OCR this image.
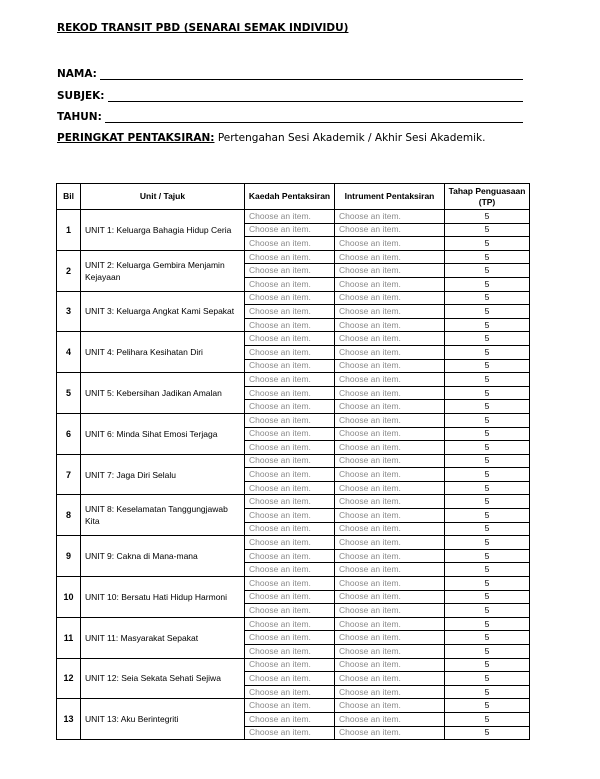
REKOD TRANSIT PBD (SENARAI SEMAK INDIVIDU)
NAMA:
SUBJEK:
TAHUN:
PERINGKAT PENTAKSIRAN: Pertengahan Sesi Akademik / Akhir Sesi Akademik.
Bil	Unit / Tajuk	Kaedah Pentaksiran	Intrument Pentaksiran	Tahap Penguasaan (TP)
1	UNIT 1: Keluarga Bahagia Hidup Ceria	Choose an item.	Choose an item.	5
		Choose an item.	Choose an item.	5
		Choose an item.	Choose an item.	5
2	UNIT 2: Keluarga Gembira Menjamin Kejayaan	Choose an item.	Choose an item.	5
		Choose an item.	Choose an item.	5
		Choose an item.	Choose an item.	5
3	UNIT 3: Keluarga Angkat Kami Sepakat	Choose an item.	Choose an item.	5
		Choose an item.	Choose an item.	5
		Choose an item.	Choose an item.	5
4	UNIT 4: Pelihara Kesihatan Diri	Choose an item.	Choose an item.	5
		Choose an item.	Choose an item.	5
		Choose an item.	Choose an item.	5
5	UNIT 5: Kebersihan Jadikan Amalan	Choose an item.	Choose an item.	5
		Choose an item.	Choose an item.	5
		Choose an item.	Choose an item.	5
6	UNIT 6: Minda Sihat Emosi Terjaga	Choose an item.	Choose an item.	5
		Choose an item.	Choose an item.	5
		Choose an item.	Choose an item.	5
7	UNIT 7: Jaga Diri Selalu	Choose an item.	Choose an item.	5
		Choose an item.	Choose an item.	5
		Choose an item.	Choose an item.	5
8	UNIT 8: Keselamatan Tanggungjawab Kita	Choose an item.	Choose an item.	5
		Choose an item.	Choose an item.	5
		Choose an item.	Choose an item.	5
9	UNIT 9: Cakna di Mana-mana	Choose an item.	Choose an item.	5
		Choose an item.	Choose an item.	5
		Choose an item.	Choose an item.	5
10	UNIT 10: Bersatu Hati Hidup Harmoni	Choose an item.	Choose an item.	5
		Choose an item.	Choose an item.	5
		Choose an item.	Choose an item.	5
11	UNIT 11: Masyarakat Sepakat	Choose an item.	Choose an item.	5
		Choose an item.	Choose an item.	5
		Choose an item.	Choose an item.	5
12	UNIT 12: Seia Sekata Sehati Sejiwa	Choose an item.	Choose an item.	5
		Choose an item.	Choose an item.	5
		Choose an item.	Choose an item.	5
13	UNIT 13: Aku Berintegriti	Choose an item.	Choose an item.	5
		Choose an item.	Choose an item.	5
		Choose an item.	Choose an item.	5
